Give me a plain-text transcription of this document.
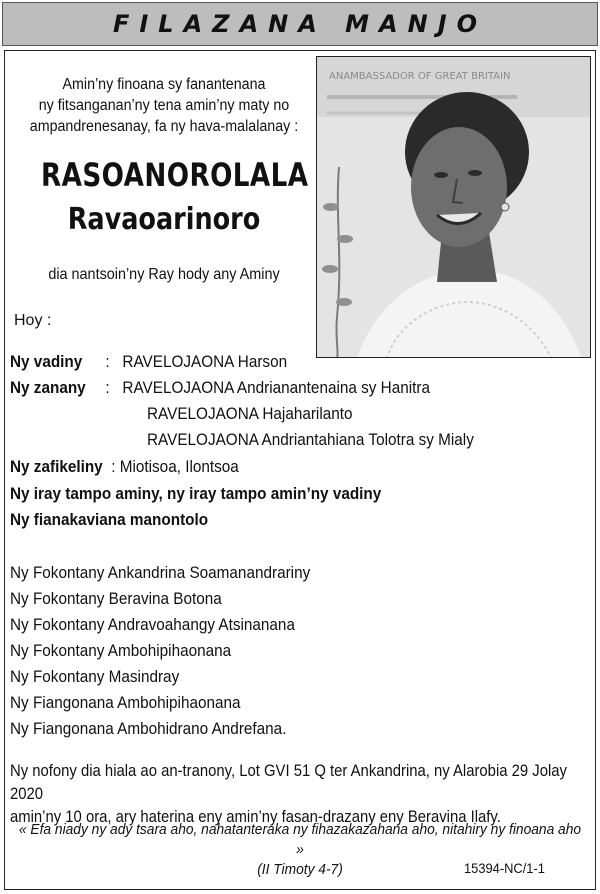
FILAZANA MANJO
Amin’ny finoana sy fanantenana
ny fitsanganan’ny tena amin’ny maty no
ampandrenesanay, fa ny hava-malalanay :
RASOANOROLALA
Ravaoarinoro
dia nantsoin’ny Ray hody any Aminy
Hoy :
ANAMBASSADOR OF GREAT BRITAIN
Ny vadiny : RAVELOJAONA Harson
Ny zanany : RAVELOJAONA Andrianantenaina sy Hanitra
RAVELOJAONA Hajaharilanto
RAVELOJAONA Andriantahiana Tolotra sy Mialy
Ny zafikeliny : Miotisoa, Ilontsoa
Ny iray tampo aminy, ny iray tampo amin’ny vadiny
Ny fianakaviana manontolo
Ny Fokontany Ankandrina Soamanandrariny
Ny Fokontany Beravina Botona
Ny Fokontany Andravoahangy Atsinanana
Ny Fokontany Ambohipihaonana
Ny Fokontany Masindray
Ny Fiangonana Ambohipihaonana
Ny Fiangonana Ambohidrano Andrefana.
Ny nofony dia hiala ao an-tranony, Lot GVI 51 Q ter Ankandrina, ny Alarobia 29 Jolay 2020
amin’ny 10 ora, ary haterina eny amin’ny fasan-drazany eny Beravina Ilafy.
« Efa niady ny ady tsara aho, nahatanteraka ny fihazakazahana aho, nitahiry ny finoana aho »
(II Timoty 4-7)	15394-NC/1-1
